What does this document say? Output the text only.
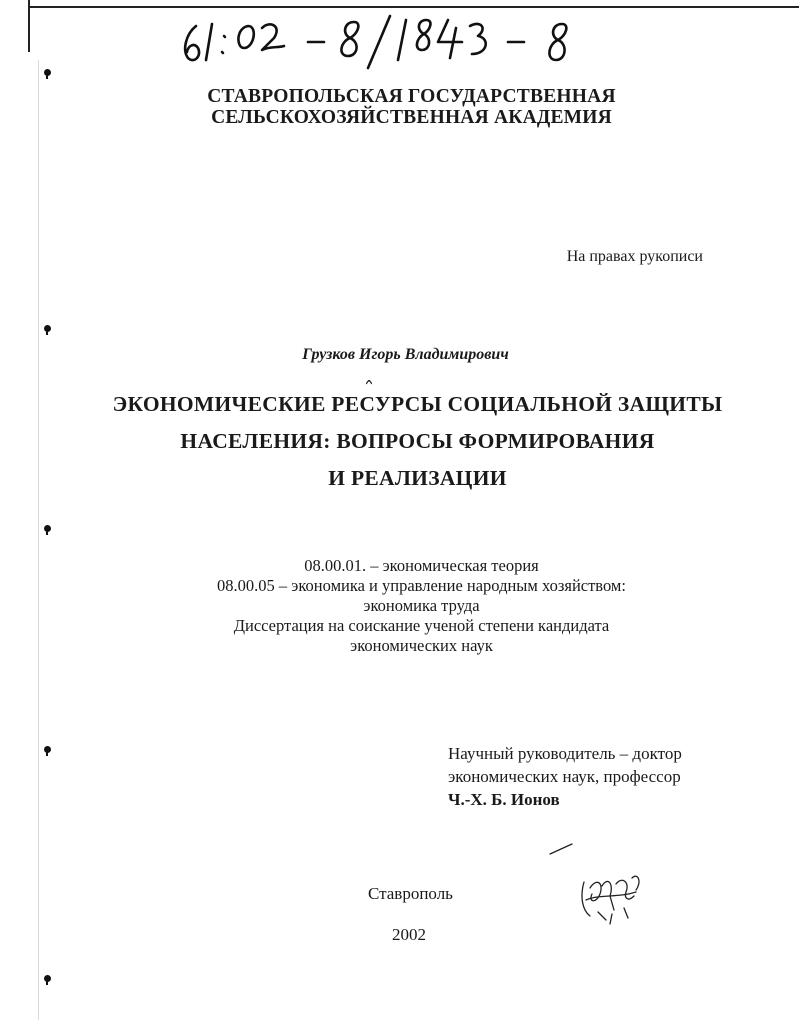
СТАВРОПОЛЬСКАЯ ГОСУДАРСТВЕННАЯ
СЕЛЬСКОХОЗЯЙСТВЕННАЯ АКАДЕМИЯ
На правах рукописи
Грузков Игорь Владимирович
ЭКОНОМИЧЕСКИЕ РЕСУРСЫ СОЦИАЛЬНОЙ ЗАЩИТЫ
НАСЕЛЕНИЯ: ВОПРОСЫ ФОРМИРОВАНИЯ
И РЕАЛИЗАЦИИ
08.00.01. – экономическая теория
08.00.05 – экономика и управление народным хозяйством:
экономика труда
Диссертация на соискание ученой степени кандидата
экономических наук
Научный руководитель – доктор
экономических наук, профессор
Ч.-Х. Б. Ионов
Ставрополь
2002
